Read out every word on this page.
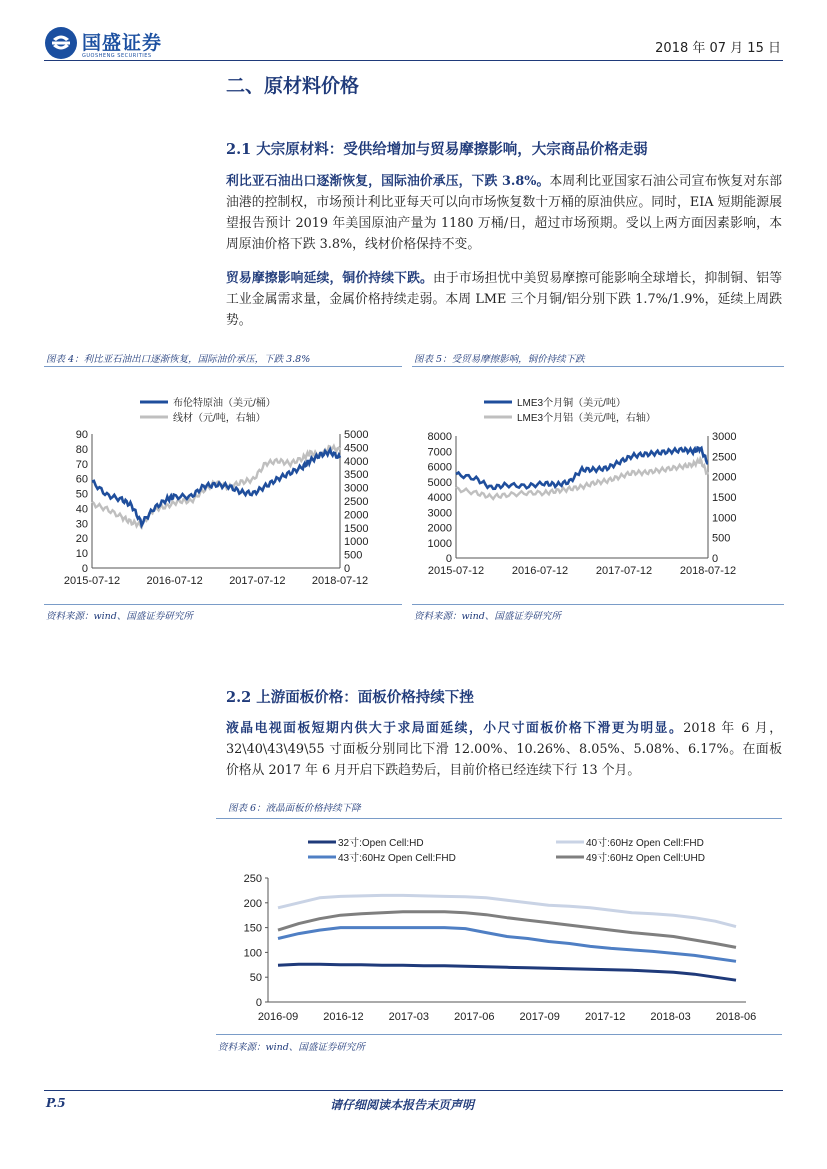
国盛证券
GUOSHENG SECURITIES	2018 年 07 月 15 日
二、原材料价格
2.1 大宗原材料：受供给增加与贸易摩擦影响，大宗商品价格走弱
利比亚石油出口逐渐恢复，国际油价承压，下跌 3.8%。本周利比亚国家石油公司宣布恢复对东部油港的控制权，市场预计利比亚每天可以向市场恢复数十万桶的原油供应。同时，EIA 短期能源展望报告预计 2019 年美国原油产量为 1180 万桶/日，超过市场预期。受以上两方面因素影响，本周原油价格下跌 3.8%，线材价格保持不变。
贸易摩擦影响延续，铜价持续下跌。由于市场担忧中美贸易摩擦可能影响全球增长，抑制铜、铝等工业金属需求量，金属价格持续走弱。本周 LME 三个月铜/铝分别下跌 1.7%/1.9%，延续上周跌势。
图表 4：利比亚石油出口逐渐恢复，国际油价承压，下跌 3.8%
布伦特原油（美元/桶）
线材（元/吨，右轴）
0
10
20
30
40
50
60
70
80
90
0
500
1000
1500
2000
2500
3000
3500
4000
4500
5000
2015-07-12 2016-07-12 2017-07-12 2018-07-12
资料来源：wind、国盛证券研究所
图表 5：受贸易摩擦影响，铜价持续下跌
LME3个月铜（美元/吨）
LME3个月铝（美元/吨，右轴）
0
1000
2000
3000
4000
5000
6000
7000
8000
0
500
1000
1500
2000
2500
3000
2015-07-12	2016-07-12	2017-07-12	2018-07-12
资料来源：wind、国盛证券研究所
2.2 上游面板价格：面板价格持续下挫
液晶电视面板短期内供大于求局面延续，小尺寸面板价格下滑更为明显。2018 年 6 月，32\40\43\49\55 寸面板分别同比下滑 12.00%、10.26%、8.05%、5.08%、6.17%。在面板价格从 2017 年 6 月开启下跌趋势后，目前价格已经连续下行 13 个月。
图表 6：液晶面板价格持续下降
32寸:Open Cell:HD	40寸:60Hz Open Cell:FHD
43寸:60Hz Open Cell:FHD	49寸:60Hz Open Cell:UHD
0
50
100
150
200
250
2016-09 2016-12 2017-03 2017-06 2017-09 2017-12 2018-03 2018-06
资料来源：wind、国盛证券研究所
P.5	请仔细阅读本报告末页声明
